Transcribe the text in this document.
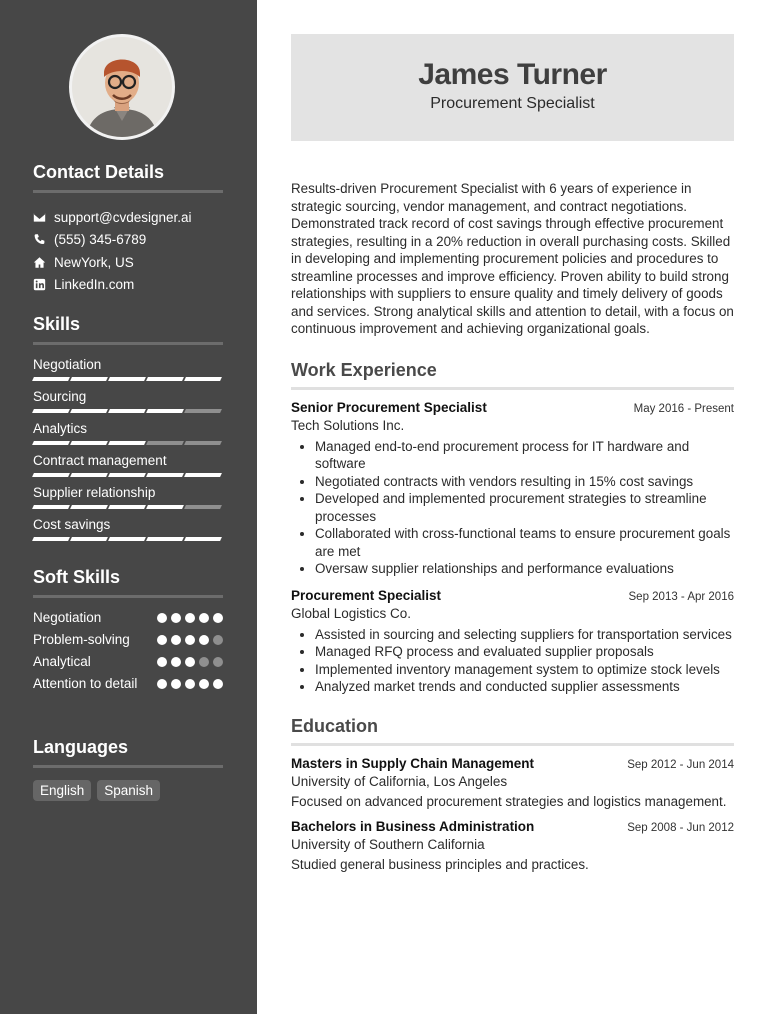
Contact Details
support@cvdesigner.ai
(555) 345-6789
NewYork, US
LinkedIn.com
Skills
Negotiation
Sourcing
Analytics
Contract management
Supplier relationship
Cost savings
Soft Skills
Negotiation
Problem-solving
Analytical
Attention to detail
Languages
English	Spanish
James Turner
Procurement Specialist

Results-driven Procurement Specialist with 6 years of experience in strategic sourcing, vendor management, and contract negotiations. Demonstrated track record of cost savings through effective procurement strategies, resulting in a 20% reduction in overall purchasing costs. Skilled in developing and implementing procurement policies and procedures to streamline processes and improve efficiency. Proven ability to build strong relationships with suppliers to ensure quality and timely delivery of goods and services. Strong analytical skills and attention to detail, with a focus on continuous improvement and achieving organizational goals.

Work Experience
Senior Procurement Specialist	May 2016 - Present
Tech Solutions Inc.
• Managed end-to-end procurement process for IT hardware and software
• Negotiated contracts with vendors resulting in 15% cost savings
• Developed and implemented procurement strategies to streamline processes
• Collaborated with cross-functional teams to ensure procurement goals are met
• Oversaw supplier relationships and performance evaluations
Procurement Specialist	Sep 2013 - Apr 2016
Global Logistics Co.
• Assisted in sourcing and selecting suppliers for transportation services
• Managed RFQ process and evaluated supplier proposals
• Implemented inventory management system to optimize stock levels
• Analyzed market trends and conducted supplier assessments
Education
Masters in Supply Chain Management	Sep 2012 - Jun 2014
University of California, Los Angeles
Focused on advanced procurement strategies and logistics management.
Bachelors in Business Administration	Sep 2008 - Jun 2012
University of Southern California
Studied general business principles and practices.
